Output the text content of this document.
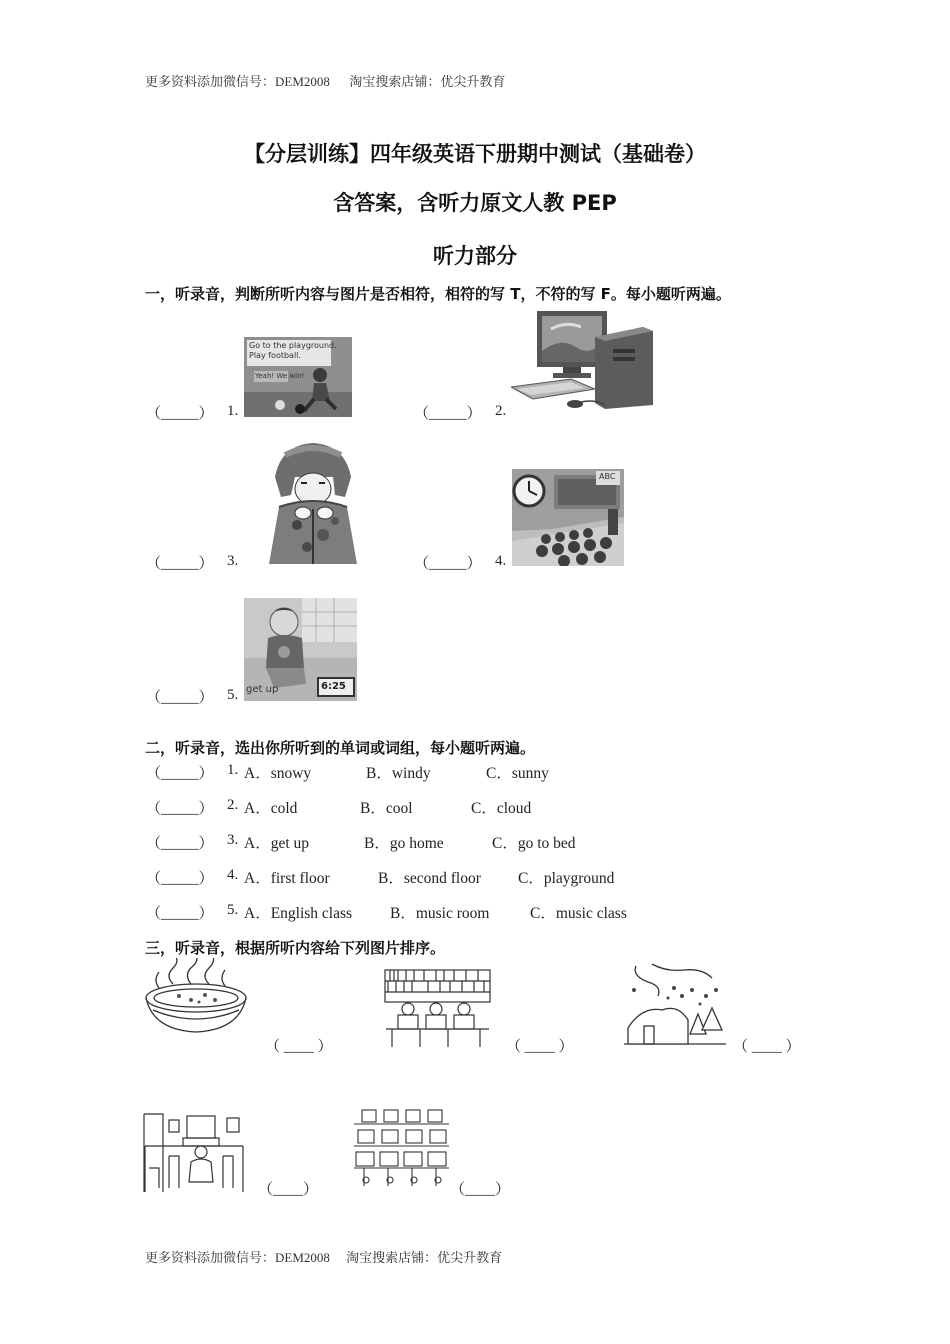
更多资料添加微信号：DEM2008      淘宝搜索店铺：优尖升教育
【分层训练】四年级英语下册期中测试（基础卷）
含答案，含听力原文人教 PEP
听力部分
一，听录音，判断所听内容与图片是否相符，相符的写 T，不符的写 F。每小题听两遍。
（_____） 1.	（_____） 2.
（_____） 3.	（_____） 4.
（_____） 5.
Go to the playground.
Play football.
Yeah! We win!
ABC
get up	6:25
二，听录音，选出你所听到的单词或词组，每小题听两遍。
（_____） 1. A．snowy	B．windy	C．sunny
（_____） 2. A．cold	B．cool	C．cloud
（_____） 3. A．get up	B．go home	C．go to bed
（_____） 4. A．first floor	B．second floor C．playground
（_____） 5. A．English class B．music room	C．music class
三，听录音，根据所听内容给下列图片排序。
（ ____ ）	（ ____ ）	（ ____ ）
（____）	（____）
更多资料添加微信号：DEM2008     淘宝搜索店铺：优尖升教育
